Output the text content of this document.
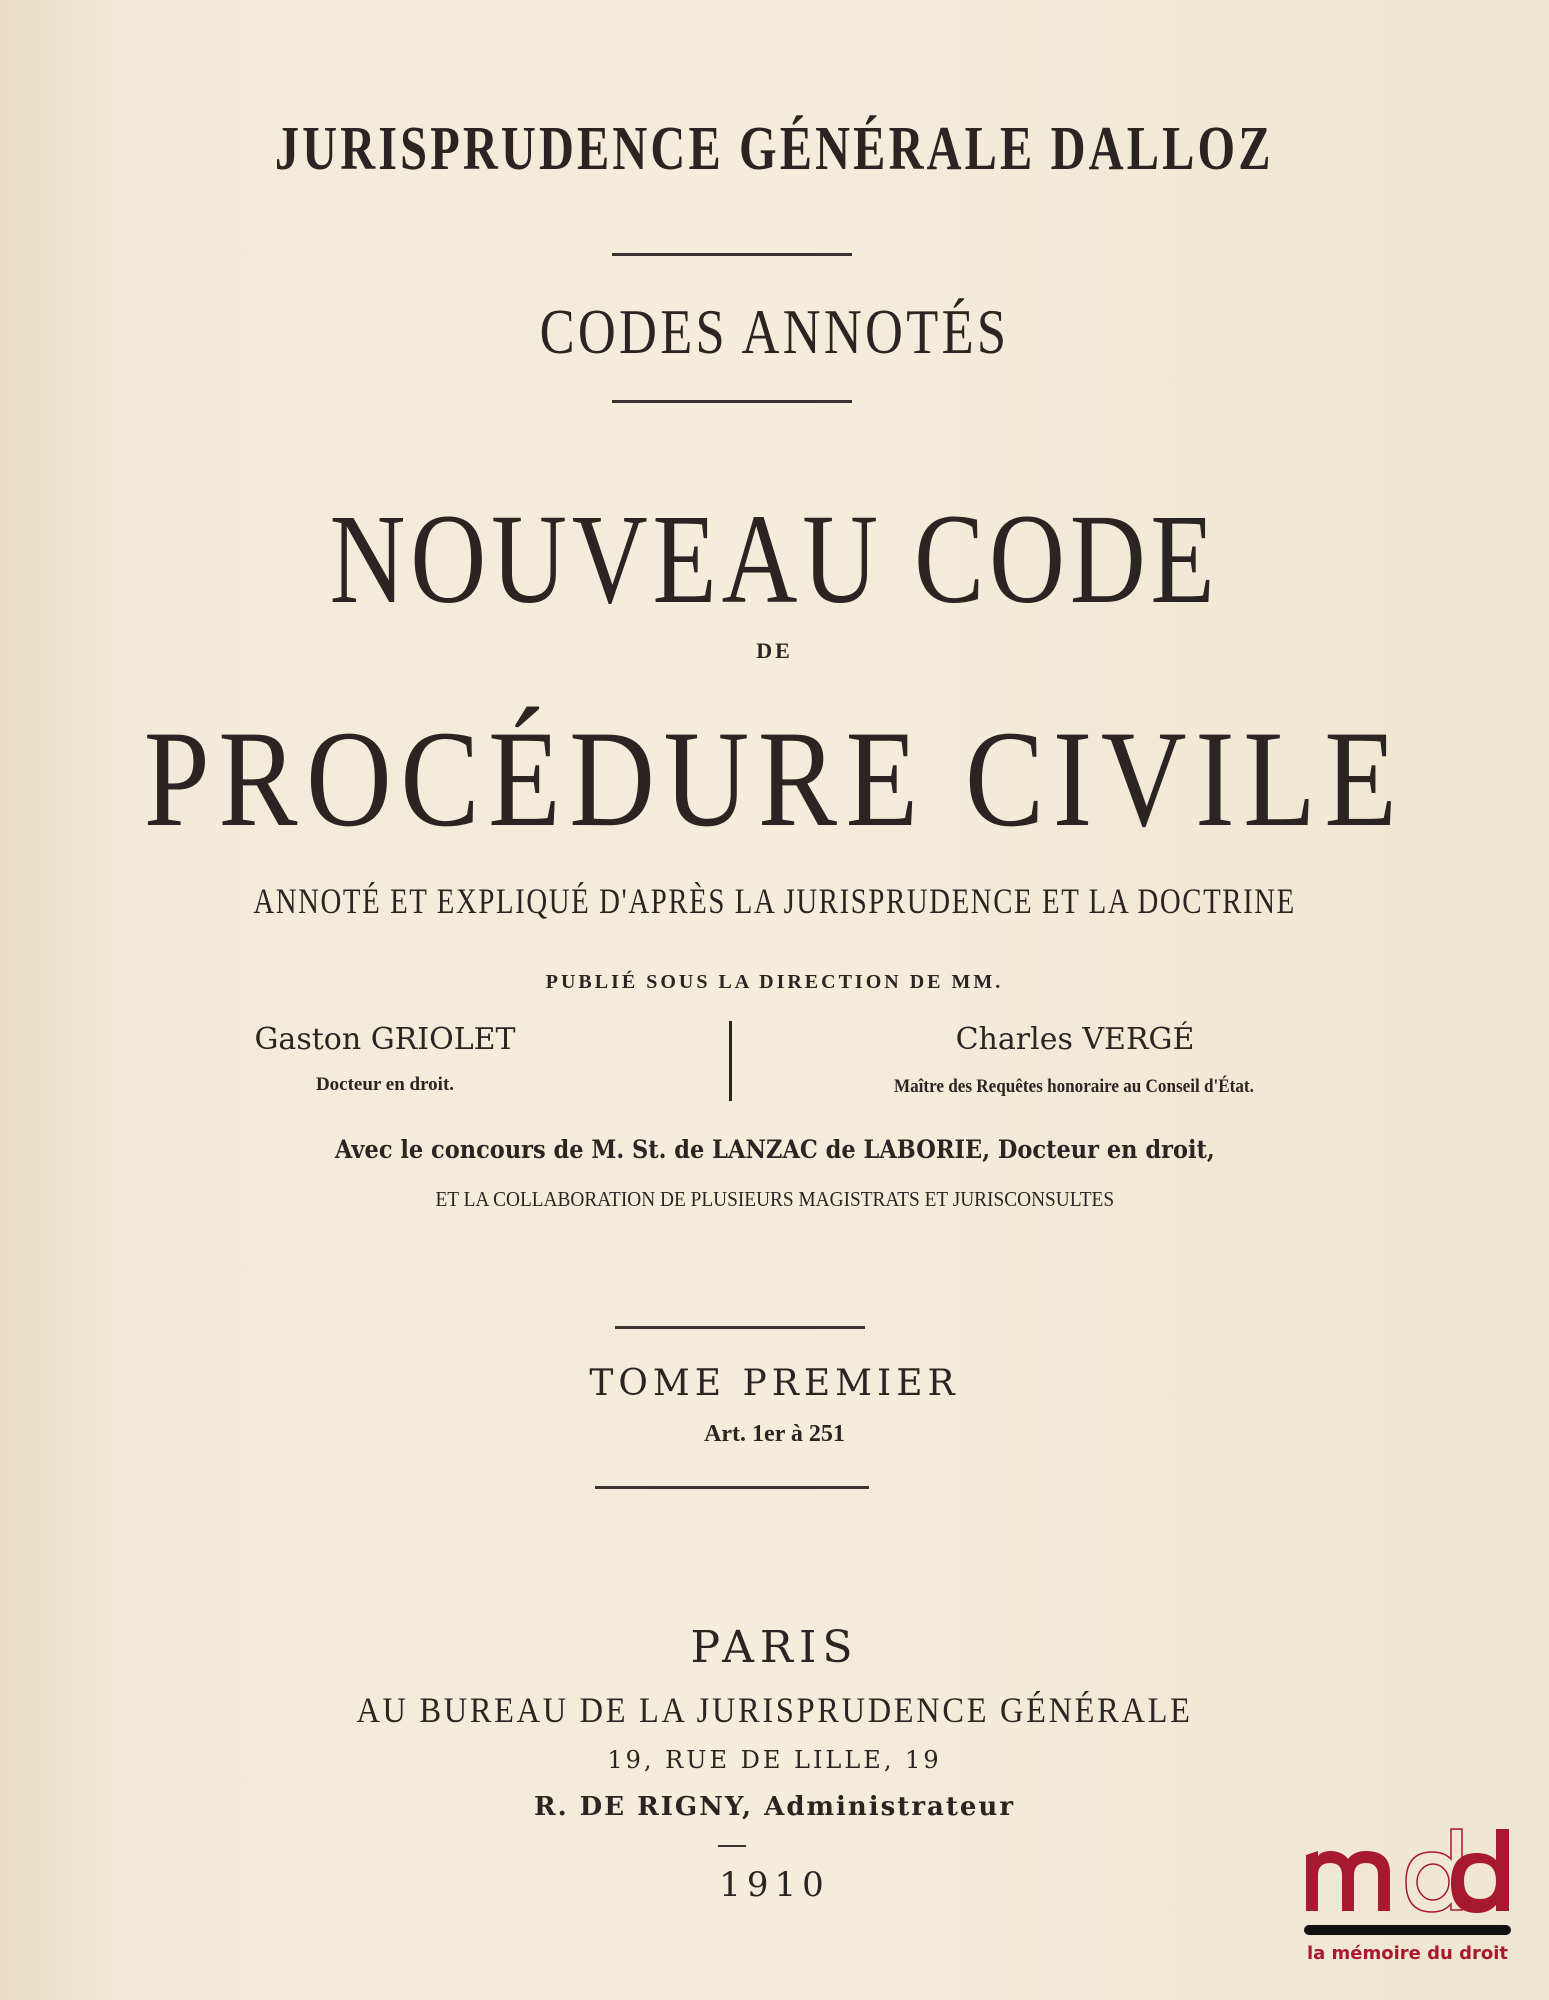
JURISPRUDENCE GÉNÉRALE DALLOZ
CODES ANNOTÉS
NOUVEAU CODE
DE
PROCÉDURE CIVILE
ANNOTÉ ET EXPLIQUÉ D'APRÈS LA JURISPRUDENCE ET LA DOCTRINE
PUBLIÉ SOUS LA DIRECTION DE MM.
Gaston GRIOLET
Docteur en droit.
Charles VERGÉ
Maître des Requêtes honoraire au Conseil d'État.
Avec le concours de M. St. de LANZAC de LABORIE, Docteur en droit,
ET LA COLLABORATION DE PLUSIEURS MAGISTRATS ET JURISCONSULTES
TOME PREMIER
Art. 1er à 251
PARIS
AU BUREAU DE LA JURISPRUDENCE GÉNÉRALE
19, RUE DE LILLE, 19
R. DE RIGNY, Administrateur
1910
la mémoire du droit
